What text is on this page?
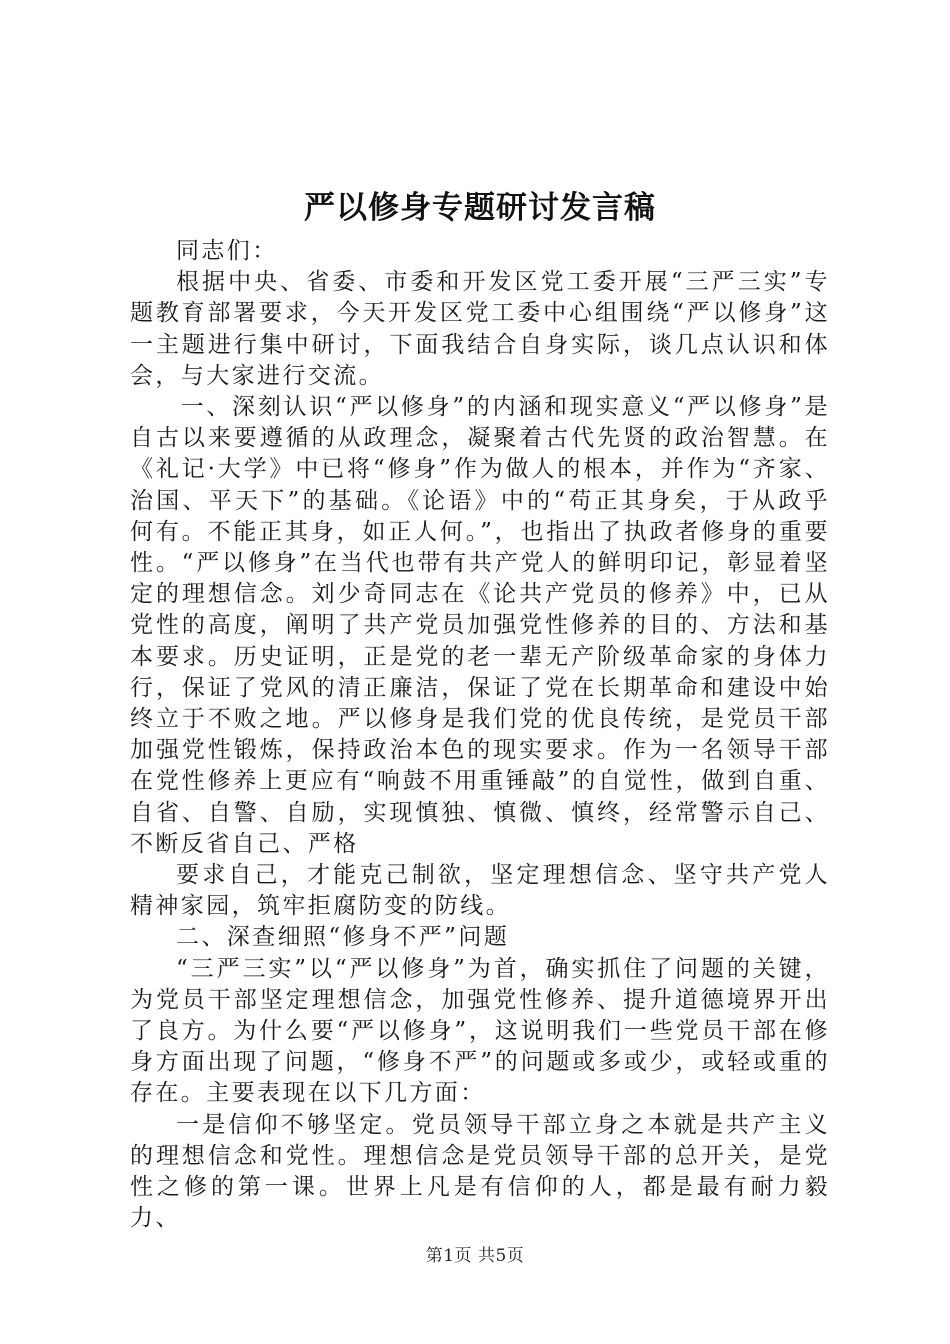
严以修身专题研讨发言稿

同志们：

根据中央、省委、市委和开发区党工委开展“三严三实”专题教育部署要求，今天开发区党工委中心组围绕“严以修身”这一主题进行集中研讨，下面我结合自身实际，谈几点认识和体会，与大家进行交流。

一、深刻认识“严以修身”的内涵和现实意义“严以修身”是自古以来要遵循的从政理念，凝聚着古代先贤的政治智慧。在《礼记·大学》中已将“修身”作为做人的根本，并作为“齐家、治国、平天下”的基础。《论语》中的“苟正其身矣，于从政乎何有。不能正其身，如正人何。”，也指出了执政者修身的重要性。“严以修身”在当代也带有共产党人的鲜明印记，彰显着坚定的理想信念。刘少奇同志在《论共产党员的修养》中，已从党性的高度，阐明了共产党员加强党性修养的目的、方法和基本要求。历史证明，正是党的老一辈无产阶级革命家的身体力行，保证了党风的清正廉洁，保证了党在长期革命和建设中始终立于不败之地。严以修身是我们党的优良传统，是党员干部加强党性锻炼，保持政治本色的现实要求。作为一名领导干部在党性修养上更应有“响鼓不用重锤敲”的自觉性，做到自重、自省、自警、自励，实现慎独、慎微、慎终，经常警示自己、不断反省自己、严格

要求自己，才能克己制欲，坚定理想信念、坚守共产党人精神家园，筑牢拒腐防变的防线。

二、深查细照“修身不严”问题

“三严三实”以“严以修身”为首，确实抓住了问题的关键，为党员干部坚定理想信念，加强党性修养、提升道德境界开出了良方。为什么要“严以修身”，这说明我们一些党员干部在修身方面出现了问题，“修身不严”的问题或多或少，或轻或重的存在。主要表现在以下几方面：

一是信仰不够坚定。党员领导干部立身之本就是共产主义的理想信念和党性。理想信念是党员领导干部的总开关，是党性之修的第一课。世界上凡是有信仰的人，都是最有耐力毅力、

第1页 共5页
